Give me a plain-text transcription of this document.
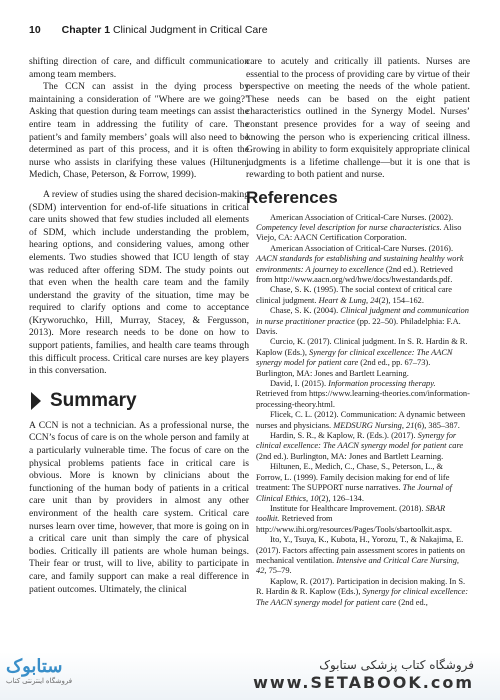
10 Chapter 1 Clinical Judgment in Critical Care

shifting direction of care, and difficult communication among team members.

The CCN can assist in the dying process by maintaining a consideration of "Where are we going?" Asking that question during team meetings can assist the entire team in addressing the futility of care. The patient’s and family members’ goals will also need to be determined as part of this process, and it is often the nurse who assists in clarifying these values (Hiltunen, Medich, Chase, Peterson, & Forrow, 1999).

A review of studies using the shared decision-making (SDM) intervention for end-of-life situations in critical care units showed that few studies included all elements of SDM, which include understanding the problem, hearing options, and considering values, among other elements. Two studies showed that ICU length of stay was reduced after offering SDM. The study points out that even when the health care team and the family understand the gravity of the situation, time may be required to clarify options and come to acceptance (Kryworuchko, Hill, Murray, Stacey, & Fergusson, 2013). More research needs to be done on how to support patients, families, and health care teams through this difficult process. Critical care nurses are key players in this conversation.

Summary

A CCN is not a technician. As a professional nurse, the CCN’s focus of care is on the whole person and family at a particularly vulnerable time. The focus of care on the physical problems patients face in critical care is obvious. More is known by clinicians about the functioning of the human body of patients in a critical care unit than by providers in almost any other environment of the health care system. Critical care nurses learn over time, however, that more is going on in a critical care unit than simply the care of physical bodies. Critically ill patients are whole human beings. Their fear or trust, will to live, ability to participate in care, and family support can make a real difference in patient outcomes. Ultimately, the clinical

care to acutely and critically ill patients. Nurses are essential to the process of providing care by virtue of their perspective on meeting the needs of the whole patient. These needs can be based on the eight patient characteristics outlined in the Synergy Model. Nurses’ constant presence provides for a way of seeing and knowing the person who is experiencing critical illness. Growing in ability to form exquisitely appropriate clinical judgments is a lifetime challenge—but it is one that is rewarding to both patient and nurse.

References

American Association of Critical-Care Nurses. (2002). Competency level description for nurse characteristics. Aliso Viejo, CA: AACN Certification Corporation.

American Association of Critical-Care Nurses. (2016). AACN standards for establishing and sustaining healthy work environments: A journey to excellence (2nd ed.). Retrieved from http://www.aacn.org/wd/hwe/docs/hwestandards.pdf.

Chase, S. K. (1995). The social context of critical care clinical judgment. Heart & Lung, 24(2), 154–162.

Chase, S. K. (2004). Clinical judgment and communication in nurse practitioner practice (pp. 22–50). Philadelphia: F.A. Davis.

Curcio, K. (2017). Clinical judgment. In S. R. Hardin & R. Kaplow (Eds.), Synergy for clinical excellence: The AACN synergy model for patient care (2nd ed., pp. 67–73). Burlington, MA: Jones and Bartlett Learning.

David, I. (2015). Information processing therapy. Retrieved from https://www.learning-theories.com/information-processing-theory.html.

Flicek, C. L. (2012). Communication: A dynamic between nurses and physicians. MEDSURG Nursing, 21(6), 385–387.

Hardin, S. R., & Kaplow, R. (Eds.). (2017). Synergy for clinical excellence: The AACN synergy model for patient care (2nd ed.). Burlington, MA: Jones and Bartlett Learning.

Hiltunen, E., Medich, C., Chase, S., Peterson, L., & Forrow, L. (1999). Family decision making for end of life treatment: The SUPPORT nurse narratives. The Journal of Clinical Ethics, 10(2), 126–134.

Institute for Healthcare Improvement. (2018). SBAR toolkit. Retrieved from http://www.ihi.org/resources/Pages/Tools/sbartoolkit.aspx.

Ito, Y., Tsuya, K., Kubota, H., Yorozu, T., & Nakajima, E. (2017). Factors affecting pain assessment scores in patients on mechanical ventilation. Intensive and Critical Care Nursing, 42, 75–79.

Kaplow, R. (2017). Participation in decision making. In S. R. Hardin & R. Kaplow (Eds.), Synergy for clinical excellence: The AACN synergy model for patient care (2nd ed.,

ستابوک
فروشگاه اینترنتی کتاب
فروشگاه کتاب پزشکی ستابوک
www.SETABOOK.com
